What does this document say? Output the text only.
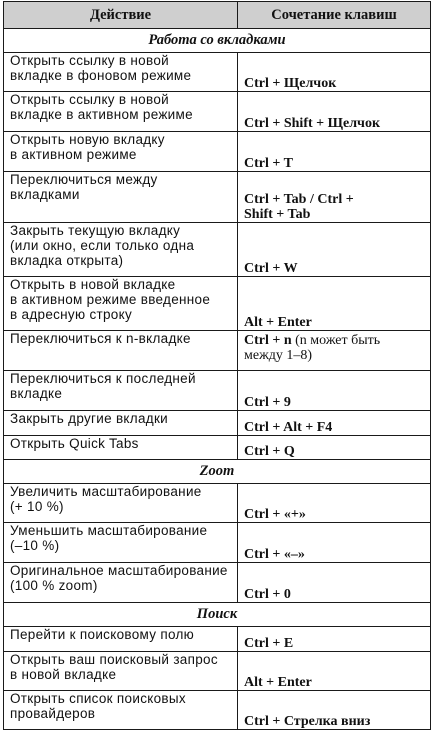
Действие	Сочетание клавиш
Работа со вкладками	
Открыть ссылку в новой
вкладке в фоновом режиме	Ctrl + Щелчок
Открыть ссылку в новой
вкладке в активном режиме	Ctrl + Shift + Щелчок
Открыть новую вкладку
в активном режиме	Ctrl + T
Переключиться между
вкладками	Ctrl + Tab / Ctrl +
Shift + Tab
Закрыть текущую вкладку
(или окно, если только одна
вкладка открыта)	Ctrl + W
Открыть в новой вкладке
в активном режиме введенное
в адресную строку	Alt + Enter
Переключиться к n-вкладке	Ctrl + n (n может быть
между 1–8)
Переключиться к последней
вкладке	Ctrl + 9
Закрыть другие вкладки	Ctrl + Alt + F4
Открыть Quick Tabs	Ctrl + Q
Zoom	
Увеличить масштабирование
(+ 10 %)	Ctrl + «+»
Уменьшить масштабирование
(–10 %)	Ctrl + «–»
Оригинальное масштабирование
(100 % zoom)	Ctrl + 0
Поиск	
Перейти к поисковому полю	Ctrl + E
Открыть ваш поисковый запрос
в новой вкладке	Alt + Enter
Открыть список поисковых
провайдеров	Ctrl + Стрелка вниз
